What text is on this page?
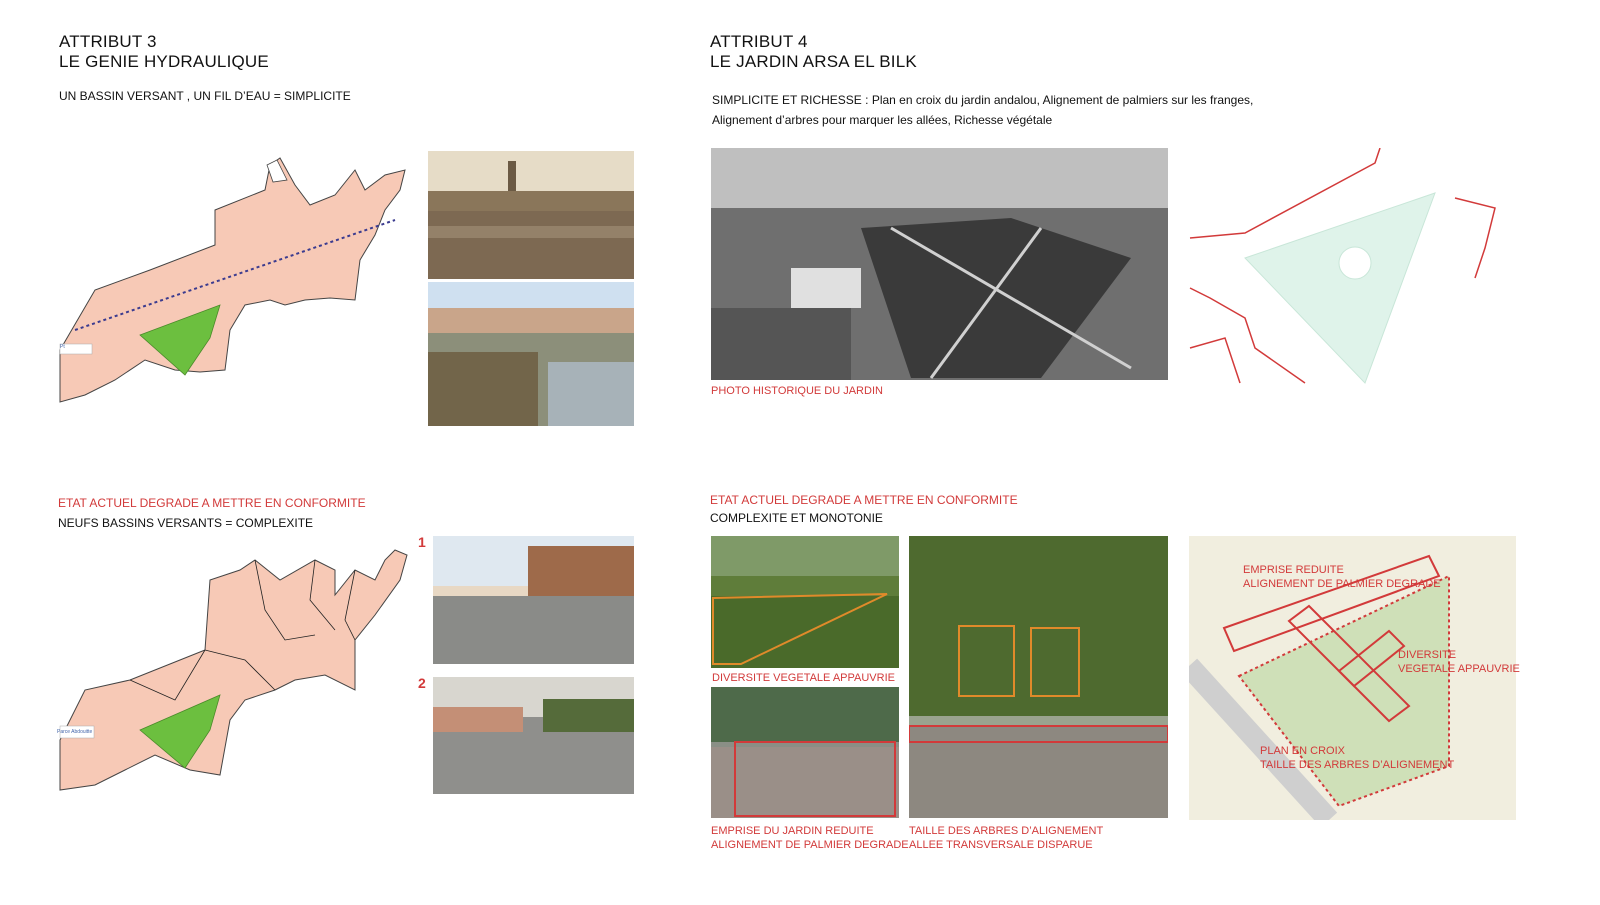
ATTRIBUT 3
LE GENIE HYDRAULIQUE
UN BASSIN VERSANT , UN FIL D’EAU = SIMPLICITE
Pt
ETAT ACTUEL DEGRADE A METTRE EN CONFORMITE
NEUFS BASSINS VERSANTS = COMPLEXITE
Parce Abdouitte
1
2
ATTRIBUT 4
LE JARDIN ARSA EL BILK
SIMPLICITE ET RICHESSE : Plan en croix du jardin andalou, Alignement de palmiers sur les franges,
Alignement d’arbres pour marquer les allées, Richesse végétale
PHOTO HISTORIQUE DU JARDIN
ETAT ACTUEL DEGRADE A METTRE EN CONFORMITE
COMPLEXITE ET MONOTONIE
DIVERSITE VEGETALE APPAUVRIE
EMPRISE DU JARDIN REDUITE
ALIGNEMENT DE PALMIER DEGRADE
TAILLE DES ARBRES D’ALIGNEMENT
ALLEE TRANSVERSALE DISPARUE
EMPRISE REDUITE
ALIGNEMENT DE PALMIER DEGRADE
DIVERSITE
VEGETALE APPAUVRIE
PLAN EN CROIX
TAILLE DES ARBRES D’ALIGNEMENT
